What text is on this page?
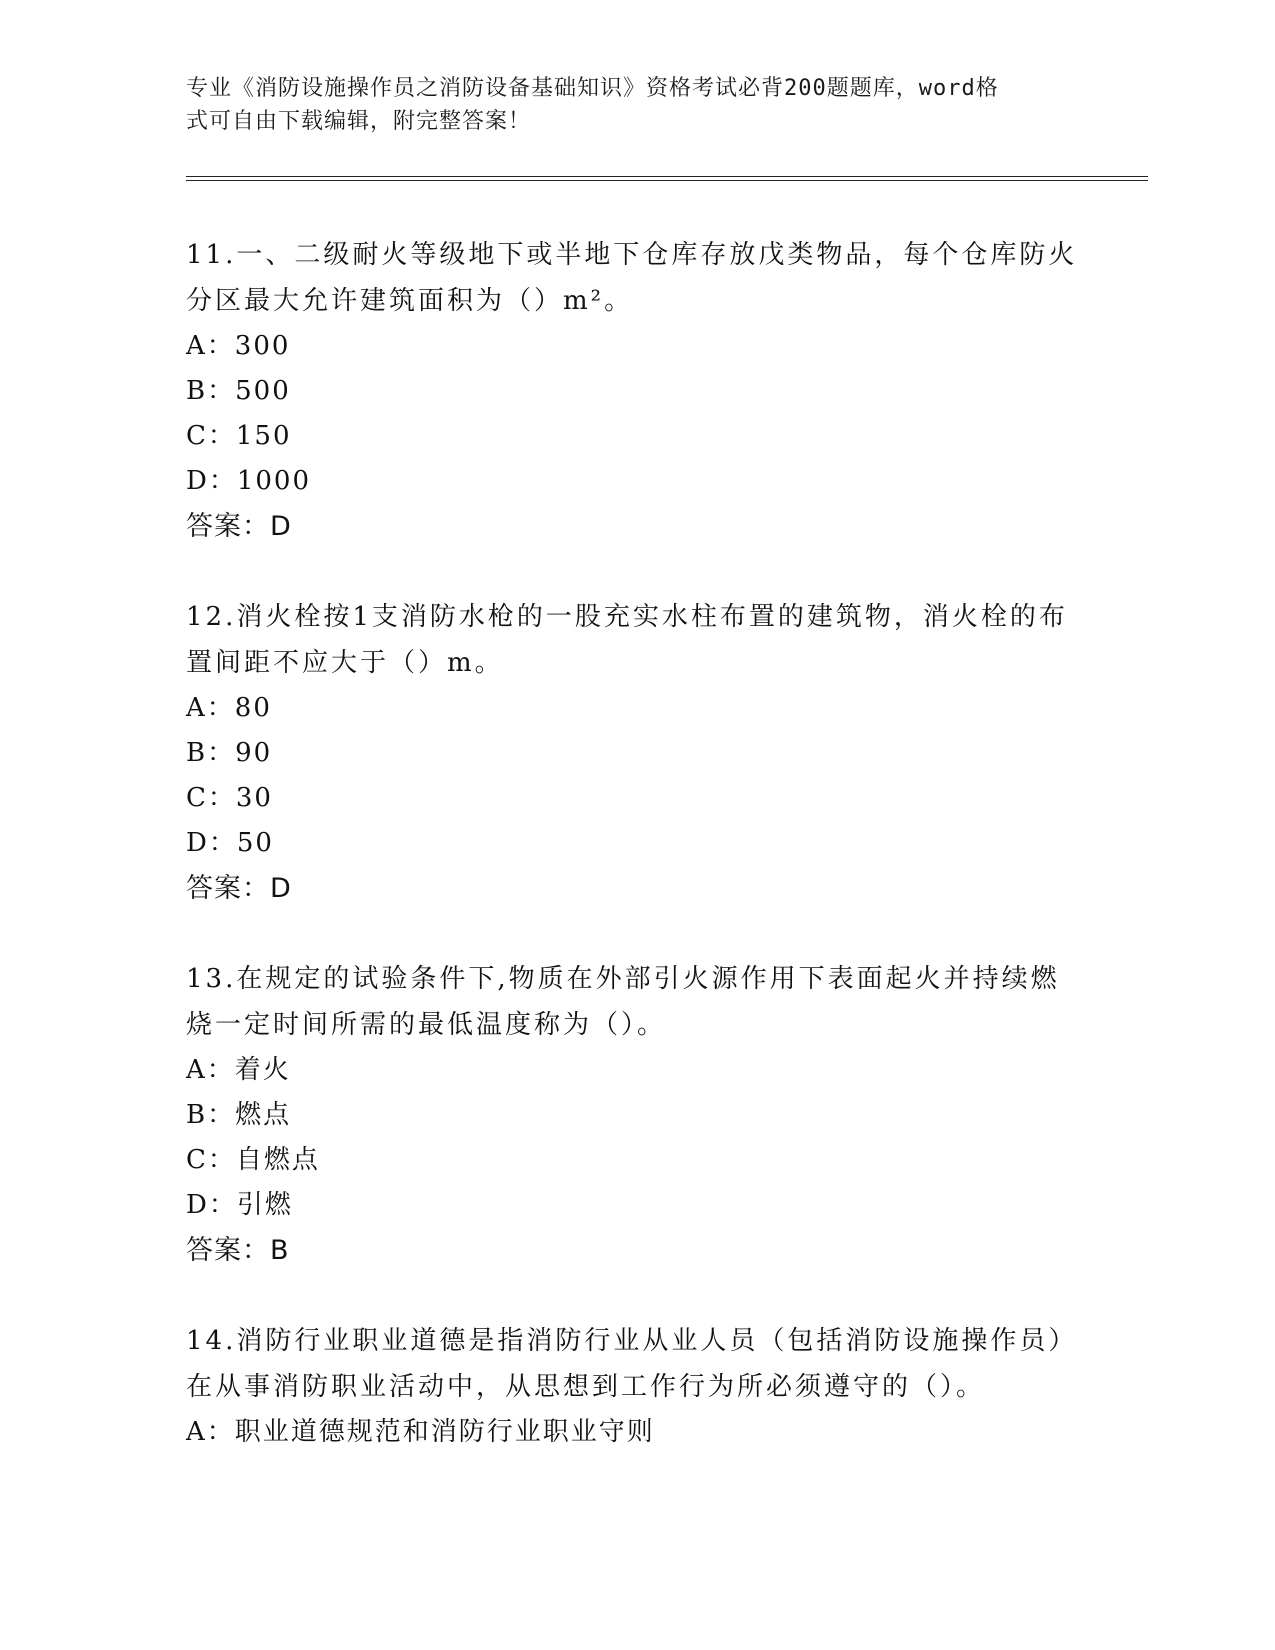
专业《消防设施操作员之消防设备基础知识》资格考试必背200题题库，word格
式可自由下载编辑，附完整答案！

11.一、二级耐火等级地下或半地下仓库存放戊类物品，每个仓库防火

分区最大允许建筑面积为（）m²。

A：300

B：500

C：150

D：1000

答案：D

12.消火栓按1支消防水枪的一股充实水柱布置的建筑物，消火栓的布

置间距不应大于（）m。

A：80

B：90

C：30

D：50

答案：D

13.在规定的试验条件下,物质在外部引火源作用下表面起火并持续燃

烧一定时间所需的最低温度称为（）。

A：着火

B：燃点

C：自燃点

D：引燃

答案：B

14.消防行业职业道德是指消防行业从业人员（包括消防设施操作员）

在从事消防职业活动中，从思想到工作行为所必须遵守的（）。

A：职业道德规范和消防行业职业守则
